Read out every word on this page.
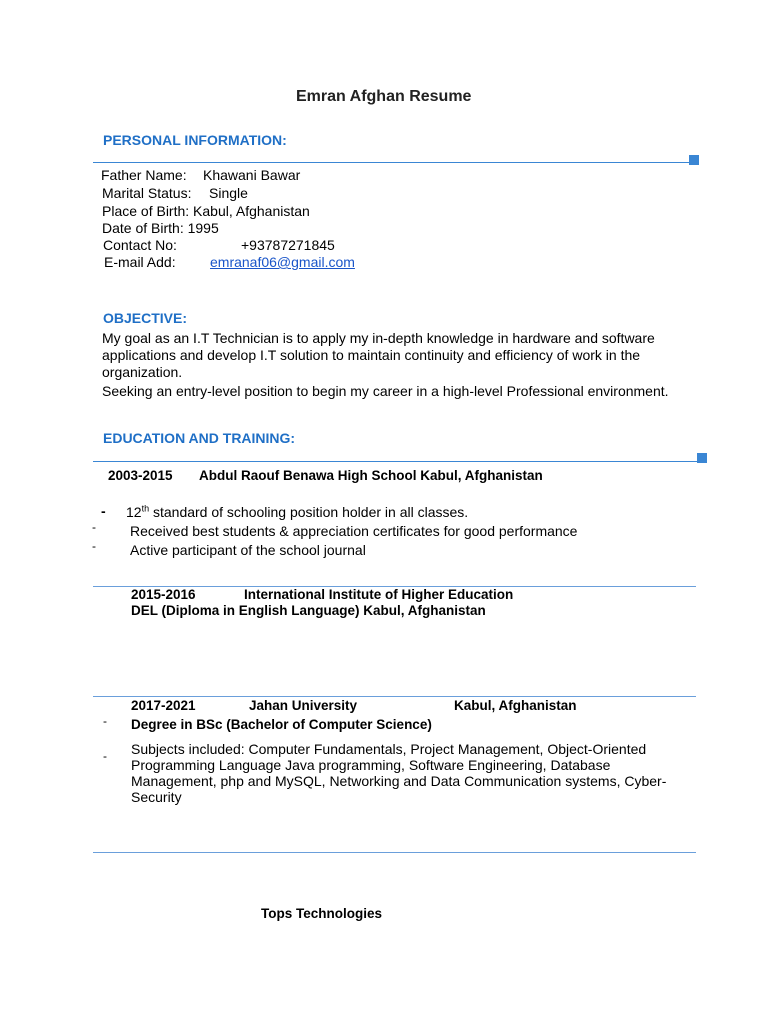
Emran Afghan Resume
PERSONAL INFORMATION:
Father Name: Khawani Bawar
Marital Status: Single
Place of Birth: Kabul, Afghanistan
Date of Birth: 1995
Contact No:	+93787271845
E-mail Add: emranaf06@gmail.com
OBJECTIVE:
My goal as an I.T Technician is to apply my in-depth knowledge in hardware and software applications and develop I.T solution to maintain continuity and efficiency of work in the organization.
Seeking an entry-level position to begin my career in a high-level Professional environment.
EDUCATION AND TRAINING:
2003-2015 Abdul Raouf Benawa High School Kabul, Afghanistan
- 12th standard of schooling position holder in all classes.
- Received best students & appreciation certificates for good performance
- Active participant of the school journal
2015-2016	International Institute of Higher Education
DEL (Diploma in English Language) Kabul, Afghanistan
2017-2021	Jahan University	Kabul, Afghanistan
- Degree in BSc (Bachelor of Computer Science)
- Subjects included: Computer Fundamentals, Project Management, Object-Oriented Programming Language Java programming, Software Engineering, Database Management, php and MySQL, Networking and Data Communication systems, Cyber-Security
Tops Technologies
